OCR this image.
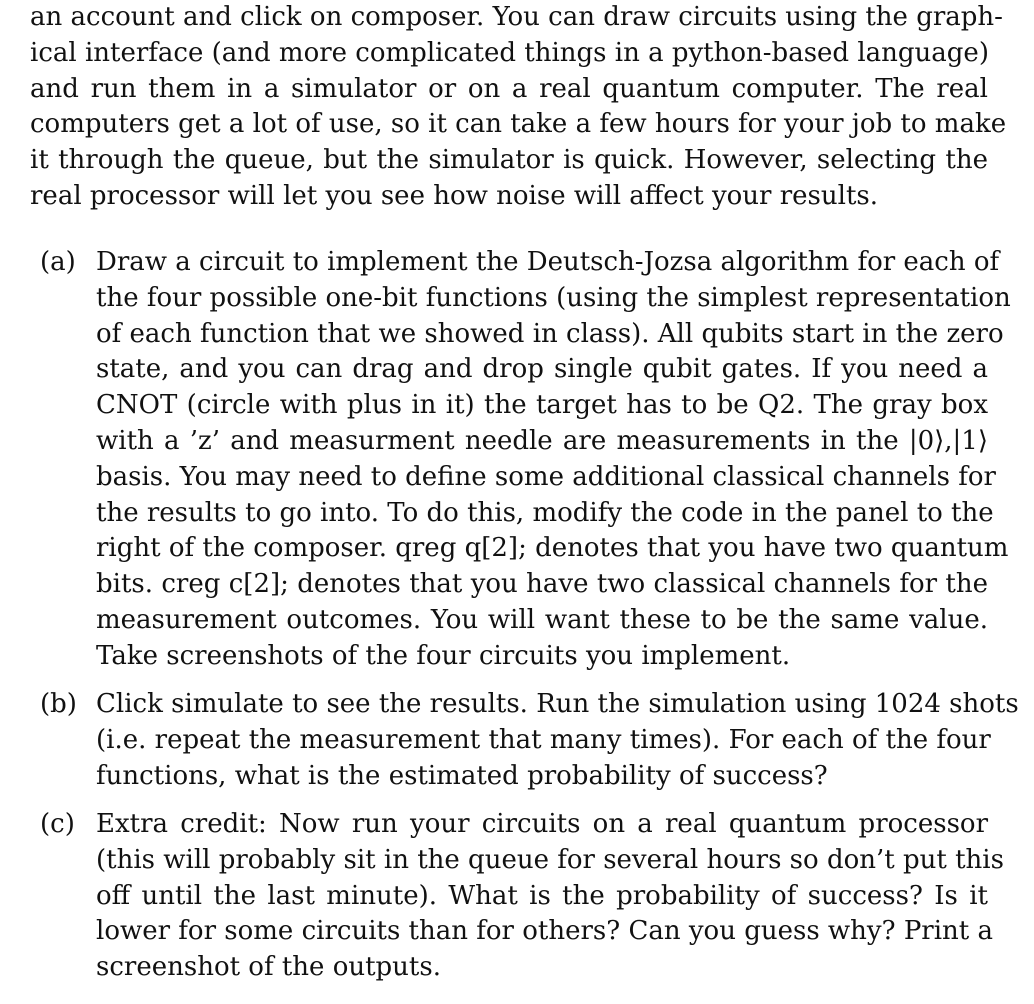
an account and click on composer. You can draw circuits using the graph-
ical interface (and more complicated things in a python-based language)
and run them in a simulator or on a real quantum computer. The real
computers get a lot of use, so it can take a few hours for your job to make
it through the queue, but the simulator is quick. However, selecting the
real processor will let you see how noise will affect your results.
(a) Draw a circuit to implement the Deutsch-Jozsa algorithm for each of
the four possible one-bit functions (using the simplest representation
of each function that we showed in class). All qubits start in the zero
state, and you can drag and drop single qubit gates. If you need a
CNOT (circle with plus in it) the target has to be Q2. The gray box
with a ’z’ and measurment needle are measurements in the |0⟩,|1⟩
basis. You may need to define some additional classical channels for
the results to go into. To do this, modify the code in the panel to the
right of the composer. qreg q[2]; denotes that you have two quantum
bits. creg c[2]; denotes that you have two classical channels for the
measurement outcomes. You will want these to be the same value.
Take screenshots of the four circuits you implement.
(b) Click simulate to see the results. Run the simulation using 1024 shots
(i.e. repeat the measurement that many times). For each of the four
functions, what is the estimated probability of success?
(c) Extra credit: Now run your circuits on a real quantum processor
(this will probably sit in the queue for several hours so don’t put this
off until the last minute). What is the probability of success? Is it
lower for some circuits than for others? Can you guess why? Print a
screenshot of the outputs.
